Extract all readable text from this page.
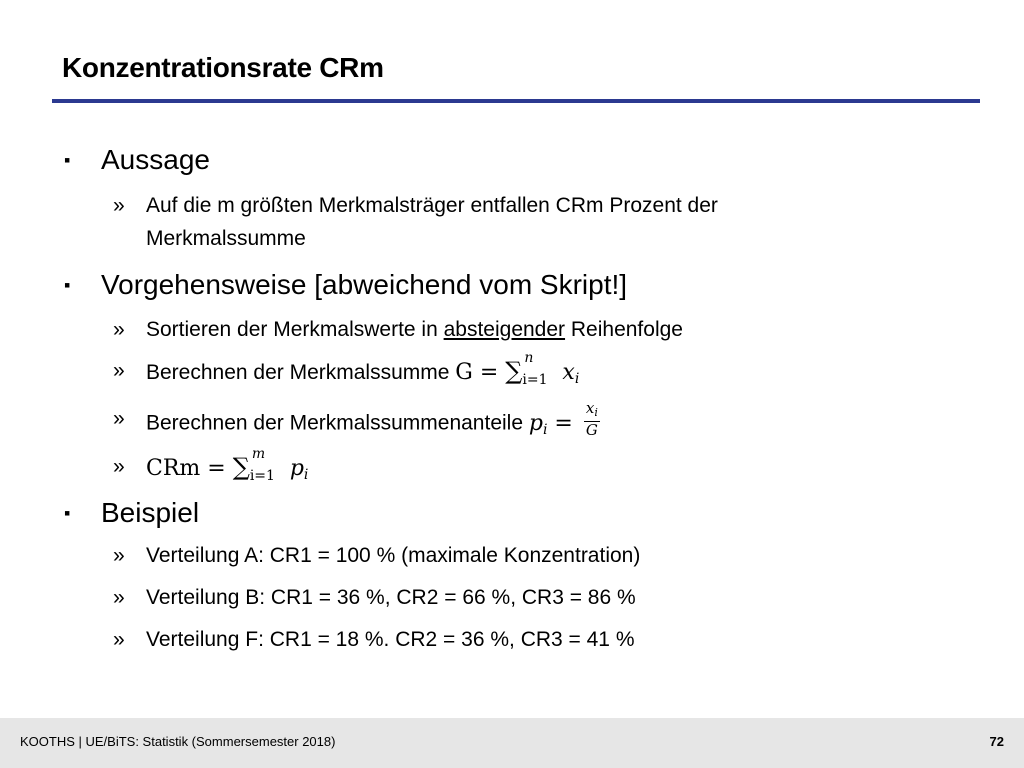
Konzentrationsrate CRm
▪ Aussage
» Auf die m größten Merkmalsträger entfallen CRm Prozent der
Merkmalssumme
▪ Vorgehensweise [abweichend vom Skript!]
» Sortieren der Merkmalswerte in absteigender Reihenfolge
» Berechnen der Merkmalssumme G = ∑ n
i=1 xi
» Berechnen der Merkmalssummenanteile pi = $\frac{x_i}{G}$
» CRm = ∑ m
i=1 pi
▪ Beispiel
» Verteilung A: CR1 = 100 % (maximale Konzentration)
» Verteilung B: CR1 = 36 %, CR2 = 66 %, CR3 = 86 %
» Verteilung F: CR1 = 18 %. CR2 = 36 %, CR3 = 41 %
KOOTHS | UE/BiTS: Statistik (Sommersemester 2018)	72
